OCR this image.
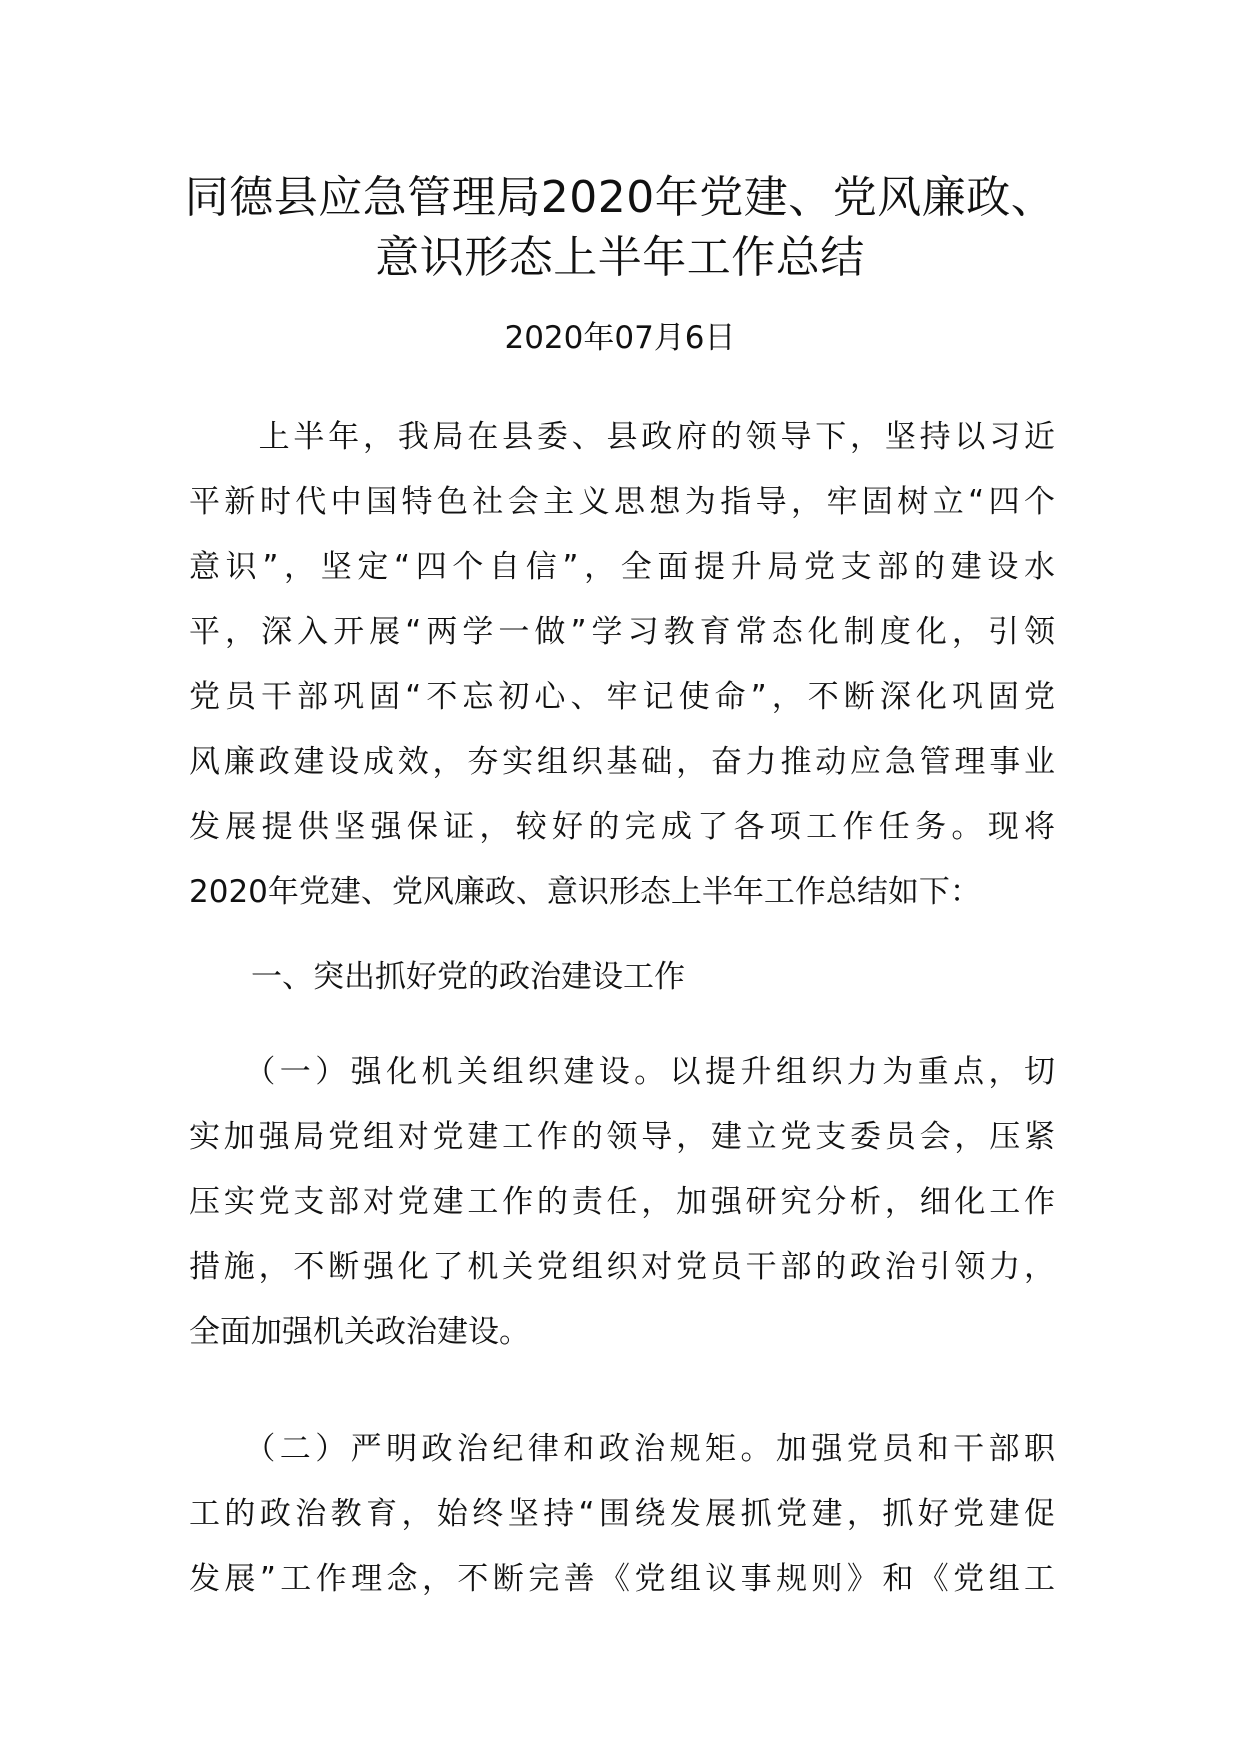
同德县应急管理局2020年党建、党风廉政、
意识形态上半年工作总结
2020年07月6日
　　上半年，我局在县委、县政府的领导下，坚持以习近
平新时代中国特色社会主义思想为指导，牢固树立“四个
意识”，坚定“四个自信”，全面提升局党支部的建设水
平，深入开展“两学一做”学习教育常态化制度化，引领
党员干部巩固“不忘初心、牢记使命”，不断深化巩固党
风廉政建设成效，夯实组织基础，奋力推动应急管理事业
发展提供坚强保证，较好的完成了各项工作任务。现将
2020年党建、党风廉政、意识形态上半年工作总结如下：
　　一、突出抓好党的政治建设工作
　　（一）强化机关组织建设。以提升组织力为重点，切
实加强局党组对党建工作的领导，建立党支委员会，压紧
压实党支部对党建工作的责任，加强研究分析，细化工作
措施，不断强化了机关党组织对党员干部的政治引领力，
全面加强机关政治建设。
　　（二）严明政治纪律和政治规矩。加强党员和干部职
工的政治教育，始终坚持“围绕发展抓党建，抓好党建促
发展”工作理念，不断完善《党组议事规则》和《党组工
